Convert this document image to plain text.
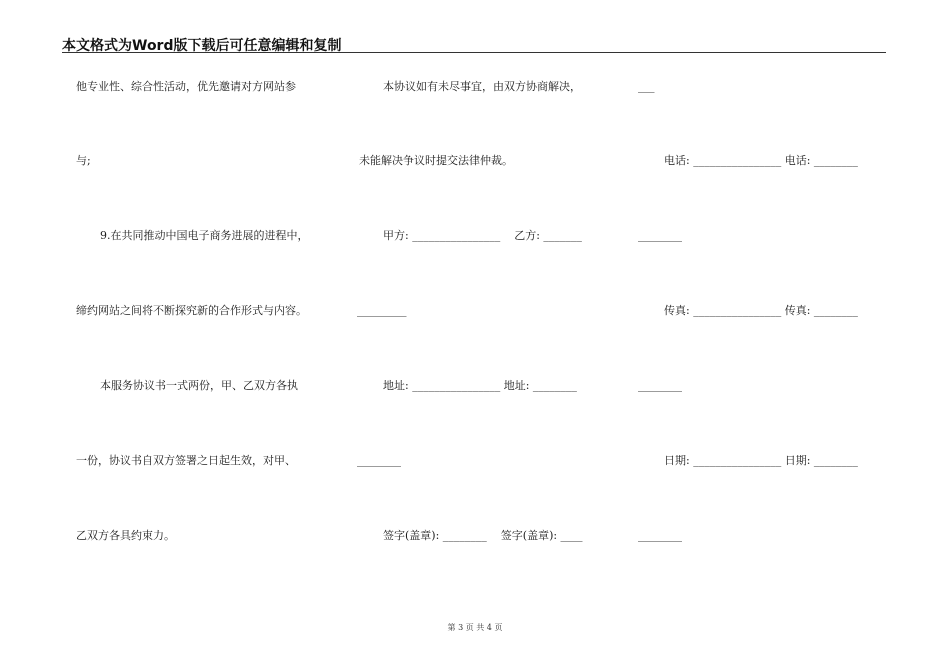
本文格式为Word版下载后可任意编辑和复制
他专业性、综合性活动，优先邀请对方网站参
与;
9.在共同推动中国电子商务进展的进程中，
缔约网站之间将不断探究新的合作形式与内容。
本服务协议书一式两份，甲、乙双方各执
一份，协议书自双方签署之日起生效，对甲、
乙双方各具约束力。
本协议如有未尽事宜，由双方协商解决，
未能解决争议时提交法律仲裁。
甲方: ________________    乙方: _______
_________
地址: ________________ 地址: ________
________
签字(盖章): ________    签字(盖章): ____
___
电话: ________________ 电话: ________
________
传真: ________________ 传真: ________
________
日期: ________________ 日期: ________
________
第 3 页 共 4 页
